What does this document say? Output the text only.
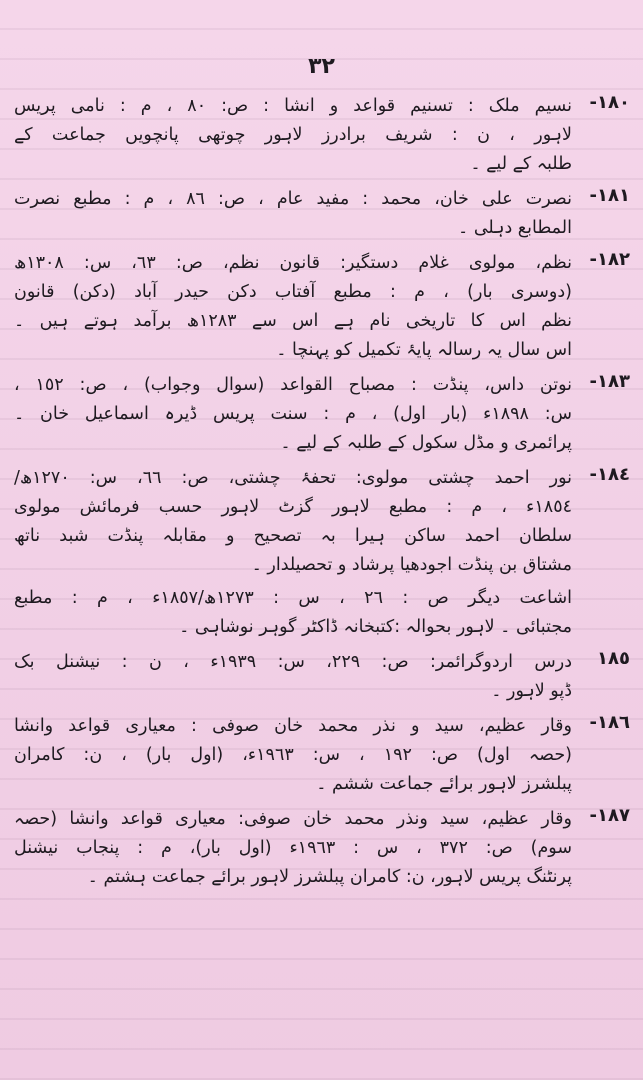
٣٢
١٨٠-
نسیم ملک : تسنیم قواعد و انشا : ص: ٨٠ ، م : نامی پریس
لاہور ، ن : شریف برادرز لاہور چوتھی پانچویں جماعت کے
طلبہ کے لیے ۔
١٨١-
نصرت علی خان، محمد : مفید عام ، ص: ٨٦ ، م : مطبع نصرت
المطابع دہلی ۔
١٨٢-
نظم، مولوی غلام دستگیر: قانون نظم، ص: ٦٣، س: ١٣٠٨ھ
(دوسری بار) ، م : مطبع آفتاب دکن حیدر آباد (دکن) قانون
نظم اس کا تاریخی نام ہے اس سے ١٢٨٣ھ برآمد ہوتے ہیں ۔
اس سال یہ رسالہ پایۂ تکمیل کو پہنچا ۔
١٨٣-
نوتن داس، پنڈت : مصباح القواعد (سوال وجواب) ، ص: ١٥٢ ،
س: ١٨٩٨ء (بار اول) ، م : سنت پریس ڈیرہ اسماعیل خان ۔
پرائمری و مڈل سکول کے طلبہ کے لیے ۔
١٨٤-
نور احمد چشتی مولوی: تحفۂ چشتی، ص: ٦٦، س: ١٢٧٠ھ/
١٨٥٤ء ، م : مطبع لاہور گزٹ لاہور حسب فرمائش مولوی
سلطان احمد ساکن ہیرا بہ تصحیح و مقابلہ پنڈت شبد ناتھ
مشتاق بن پنڈت اجودھیا پرشاد و تحصیلدار ۔
اشاعت دیگر ص : ٢٦ ، س : ١٢٧٣ھ/١٨٥٧ء ، م : مطبع
مجتبائی ۔ لاہور بحوالہ :کتبخانہ ڈاکٹر گوہر نوشاہی ۔
١٨٥
درس اردوگرائمر: ص: ٢٢٩، س: ١٩٣٩ء ، ن : نیشنل بک
ڈپو لاہور ۔
١٨٦-
وقار عظیم، سید و نذر محمد خان صوفی : معیاری قواعد وانشا
(حصہ اول) ص: ١٩٢ ، س: ١٩٦٣ء، (اول بار) ، ن: کامران
پبلشرز لاہور برائے جماعت ششم ۔
١٨٧-
وقار عظیم، سید ونذر محمد خان صوفی: معیاری قواعد وانشا (حصہ
سوم) ص: ٣٧٢ ، س : ١٩٦٣ء (اول بار)، م : پنجاب نیشنل
پرنٹنگ پریس لاہور، ن: کامران پبلشرز لاہور برائے جماعت ہشتم ۔
